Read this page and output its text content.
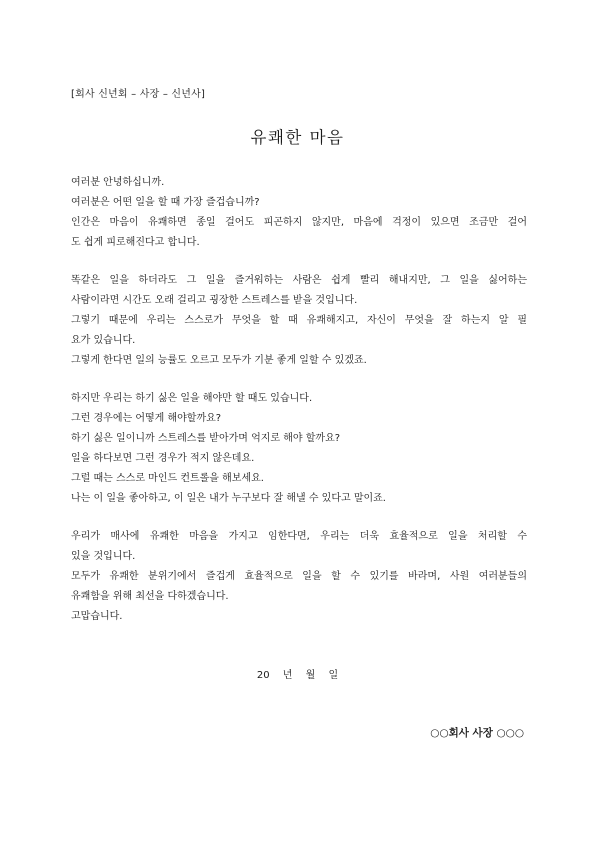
[회사 신년회 – 사장 – 신년사]
유쾌한 마음
여러분 안녕하십니까.
여러분은 어떤 일을 할 때 가장 즐겁습니까?
인간은 마음이 유쾌하면 종일 걸어도 피곤하지 않지만, 마음에 걱정이 있으면 조금만 걸어
도 쉽게 피로해진다고 합니다.
똑같은 일을 하더라도 그 일을 즐거워하는 사람은 쉽게 빨리 해내지만, 그 일을 싫어하는
사람이라면 시간도 오래 걸리고 굉장한 스트레스를 받을 것입니다.
그렇기 때문에 우리는 스스로가 무엇을 할 때 유쾌해지고, 자신이 무엇을 잘 하는지 알 필
요가 있습니다.
그렇게 한다면 일의 능률도 오르고 모두가 기분 좋게 일할 수 있겠죠.
하지만 우리는 하기 싫은 일을 해야만 할 때도 있습니다.
그런 경우에는 어떻게 해야할까요?
하기 싫은 일이니까 스트레스를 받아가며 억지로 해야 할까요?
일을 하다보면 그런 경우가 적지 않은데요.
그럴 때는 스스로 마인드 컨트롤을 해보세요.
나는 이 일을 좋아하고, 이 일은 내가 누구보다 잘 해낼 수 있다고 말이죠.
우리가 매사에 유쾌한 마음을 가지고 임한다면, 우리는 더욱 효율적으로 일을 처리할 수
있을 것입니다.
모두가 유쾌한 분위기에서 즐겁게 효율적으로 일을 할 수 있기를 바라며, 사원 여러분들의
유쾌함을 위해 최선을 다하겠습니다.
고맙습니다.
20 년 월 일
○○회사 사장 ○○○
